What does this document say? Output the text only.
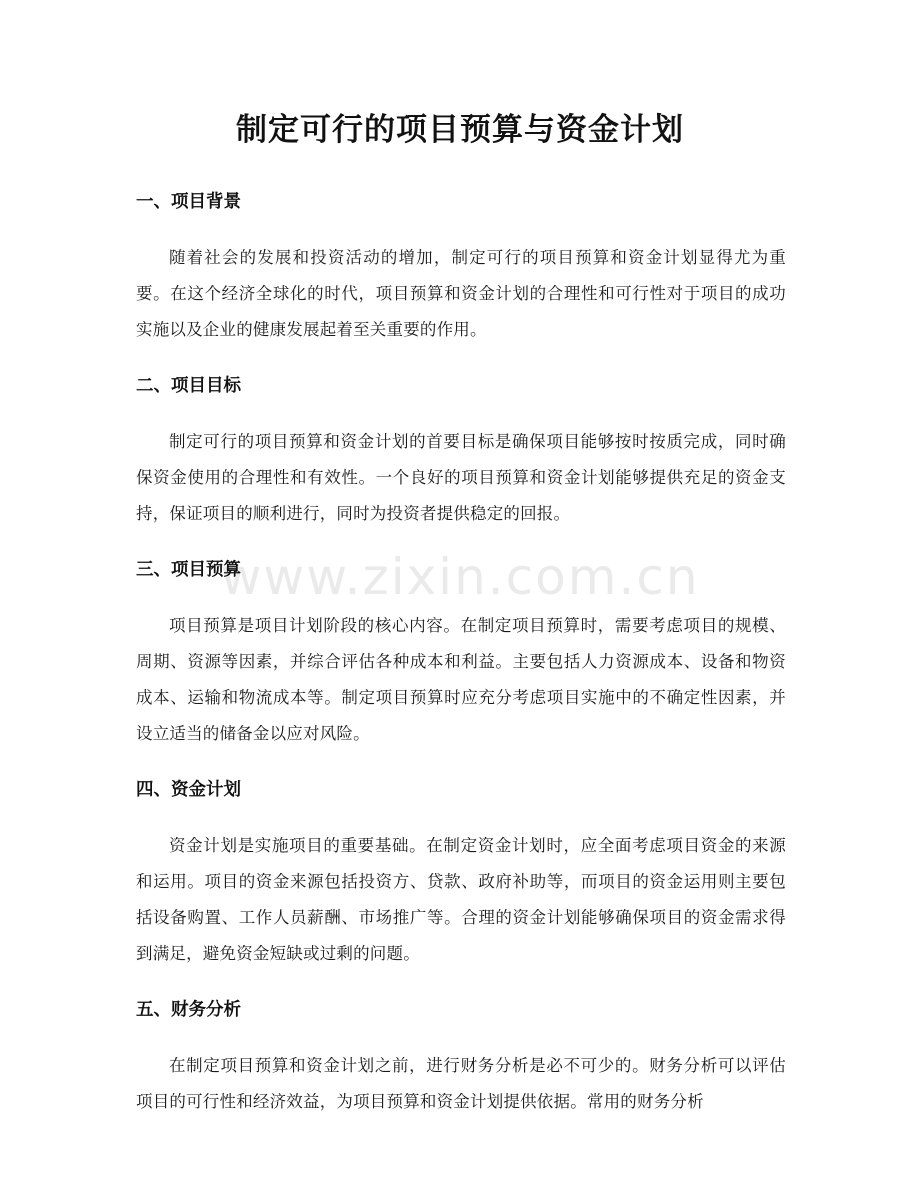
www.zixin.com.cn
制定可行的项目预算与资金计划
一、项目背景

随着社会的发展和投资活动的增加，制定可行的项目预算和资金计划显得尤为重要。在这个经济全球化的时代，项目预算和资金计划的合理性和可行性对于项目的成功实施以及企业的健康发展起着至关重要的作用。

二、项目目标

制定可行的项目预算和资金计划的首要目标是确保项目能够按时按质完成，同时确保资金使用的合理性和有效性。一个良好的项目预算和资金计划能够提供充足的资金支持，保证项目的顺利进行，同时为投资者提供稳定的回报。

三、项目预算

项目预算是项目计划阶段的核心内容。在制定项目预算时，需要考虑项目的规模、周期、资源等因素，并综合评估各种成本和利益。主要包括人力资源成本、设备和物资成本、运输和物流成本等。制定项目预算时应充分考虑项目实施中的不确定性因素，并设立适当的储备金以应对风险。

四、资金计划

资金计划是实施项目的重要基础。在制定资金计划时，应全面考虑项目资金的来源和运用。项目的资金来源包括投资方、贷款、政府补助等，而项目的资金运用则主要包括设备购置、工作人员薪酬、市场推广等。合理的资金计划能够确保项目的资金需求得到满足，避免资金短缺或过剩的问题。

五、财务分析

在制定项目预算和资金计划之前，进行财务分析是必不可少的。财务分析可以评估项目的可行性和经济效益，为项目预算和资金计划提供依据。常用的财务分析
